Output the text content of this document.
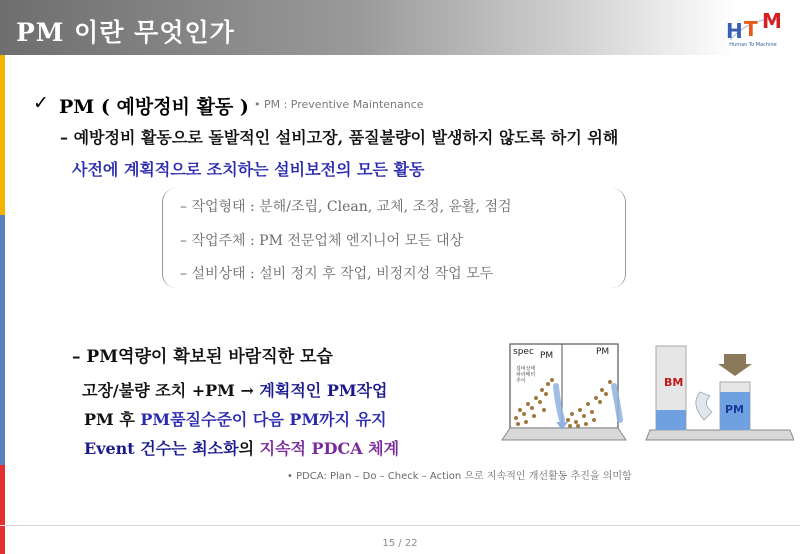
PM 이란 무엇인가	H T M
Human To Machine
✓ PM ( 예방정비 활동 ) • PM : Preventive Maintenance
– 예방정비 활동으로 돌발적인 설비고장, 품질불량이 발생하지 않도록 하기 위해
사전에 계획적으로 조치하는 설비보전의 모든 활동
– 작업형태 : 분해/조립, Clean, 교체, 조정, 윤활, 점검
– 작업주체 : PM 전문업체 엔지니어 모든 대상
– 설비상태 : 설비 정지 후 작업, 비정지성 작업 모두
– PM역량이 확보된 바람직한 모습
고장/불량 조치 +PM → 계획적인 PM작업
PM 후 PM품질수준이 다음 PM까지 유지
Event 건수는 최소화의 지속적 PDCA 체계
• PDCA: Plan – Do – Check – Action 으로 지속적인 개선활동 추진을 의미함
spec PM	PM
설비상태 파라메터 추이	BM
PM
15 / 22
